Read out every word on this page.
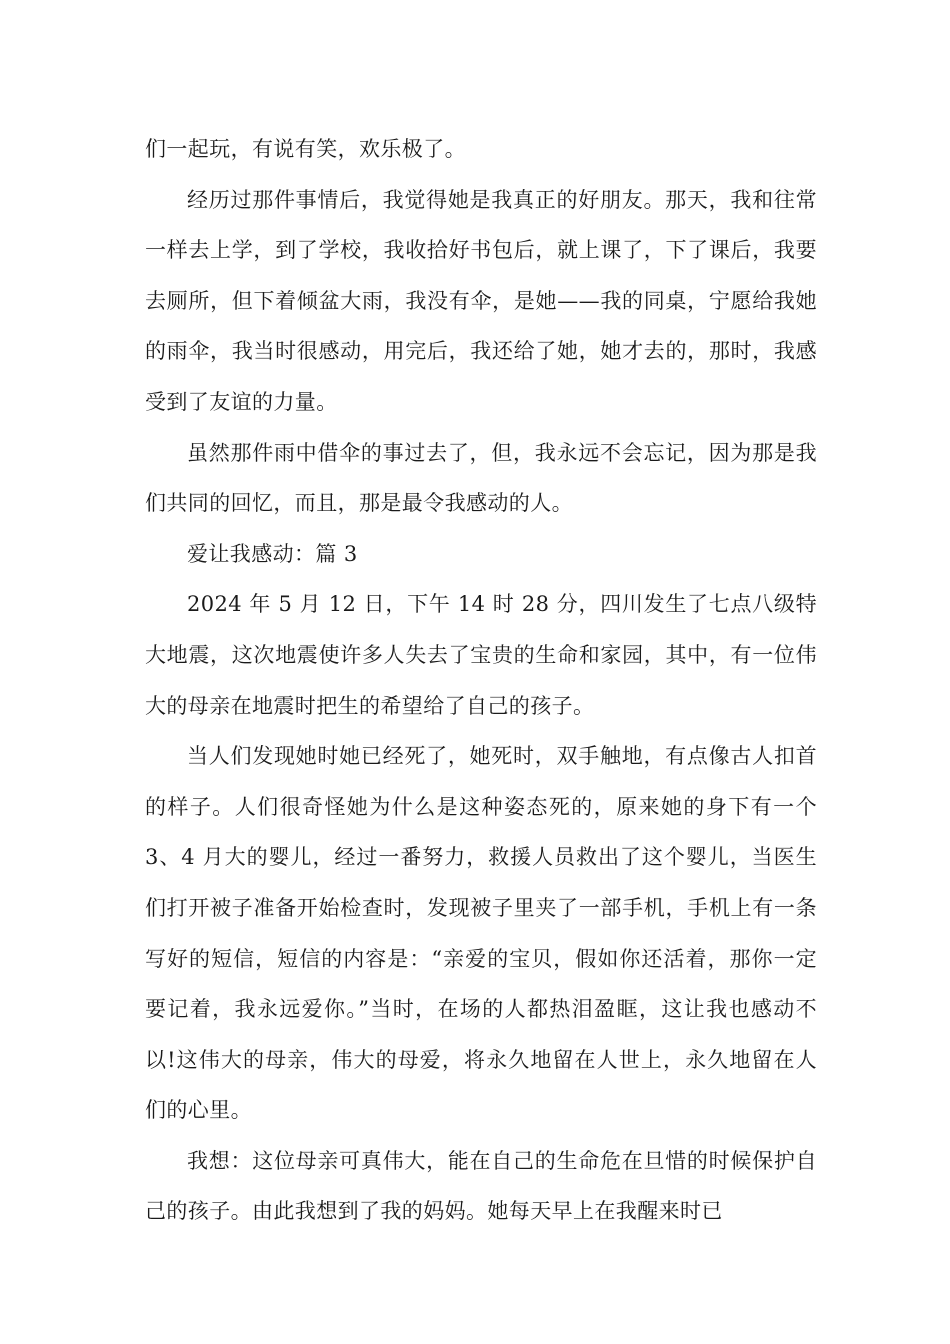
们一起玩，有说有笑，欢乐极了。

经历过那件事情后，我觉得她是我真正的好朋友。那天，我和往常一样去上学，到了学校，我收拾好书包后，就上课了，下了课后，我要去厕所，但下着倾盆大雨，我没有伞，是她——我的同桌，宁愿给我她的雨伞，我当时很感动，用完后，我还给了她，她才去的，那时，我感受到了友谊的力量。

虽然那件雨中借伞的事过去了，但，我永远不会忘记，因为那是我们共同的回忆，而且，那是最令我感动的人。

爱让我感动：篇 3

2024 年 5 月 12 日，下午 14 时 28 分，四川发生了七点八级特大地震，这次地震使许多人失去了宝贵的生命和家园，其中，有一位伟大的母亲在地震时把生的希望给了自己的孩子。

当人们发现她时她已经死了，她死时，双手触地，有点像古人扣首的样子。人们很奇怪她为什么是这种姿态死的，原来她的身下有一个 3、4 月大的婴儿，经过一番努力，救援人员救出了这个婴儿，当医生们打开被子准备开始检查时，发现被子里夹了一部手机，手机上有一条写好的短信，短信的内容是：“亲爱的宝贝，假如你还活着，那你一定要记着，我永远爱你。”当时，在场的人都热泪盈眶，这让我也感动不以!这伟大的母亲，伟大的母爱，将永久地留在人世上，永久地留在人们的心里。

我想：这位母亲可真伟大，能在自己的生命危在旦惜的时候保护自己的孩子。由此我想到了我的妈妈。她每天早上在我醒来时已
